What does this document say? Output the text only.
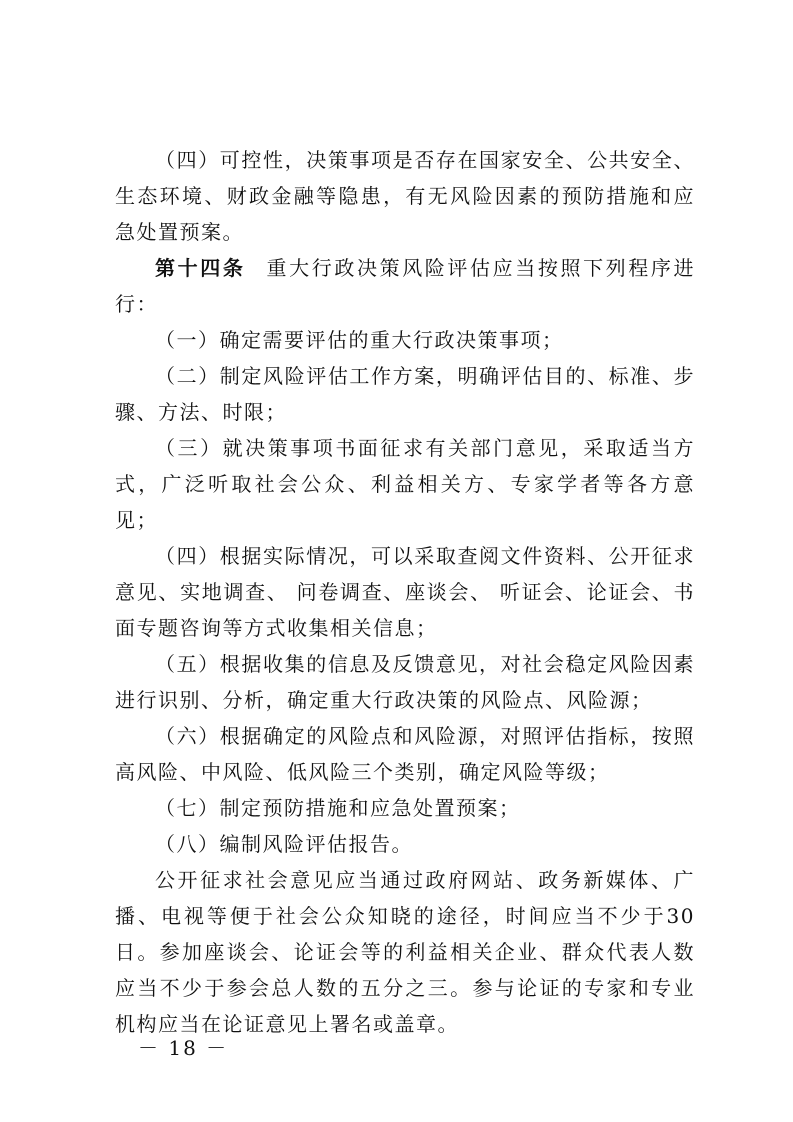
（四）可控性，决策事项是否存在国家安全、公共安全、生态环境、财政金融等隐患，有无风险因素的预防措施和应急处置预案。

第十四条 重大行政决策风险评估应当按照下列程序进行：

（一）确定需要评估的重大行政决策事项；

（二）制定风险评估工作方案，明确评估目的、标准、步骤、方法、时限；

（三）就决策事项书面征求有关部门意见，采取适当方式，广泛听取社会公众、利益相关方、专家学者等各方意见；

（四）根据实际情况，可以采取查阅文件资料、公开征求意见、实地调查、 问卷调查、座谈会、 听证会、论证会、书面专题咨询等方式收集相关信息；

（五）根据收集的信息及反馈意见，对社会稳定风险因素进行识别、分析，确定重大行政决策的风险点、风险源；

（六）根据确定的风险点和风险源，对照评估指标，按照高风险、中风险、低风险三个类别，确定风险等级；

（七）制定预防措施和应急处置预案；

（八）编制风险评估报告。

公开征求社会意见应当通过政府网站、政务新媒体、广播、电视等便于社会公众知晓的途径，时间应当不少于30日。参加座谈会、论证会等的利益相关企业、群众代表人数应当不少于参会总人数的五分之三。参与论证的专家和专业机构应当在论证意见上署名或盖章。

－ 18 －
